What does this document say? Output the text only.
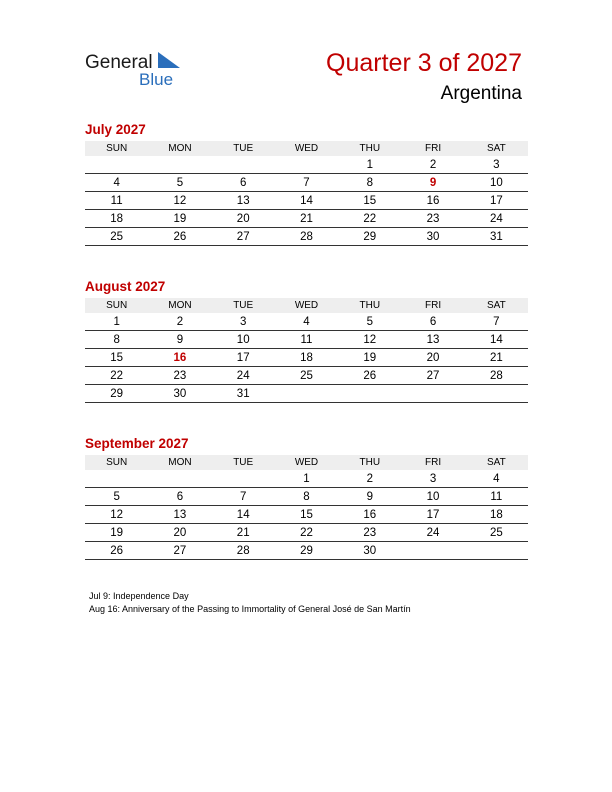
General
Blue
Quarter 3 of 2027
Argentina
July 2027
SUN	MON	TUE	WED	THU	FRI	SAT
				1	2	3
4	5	6	7	8	9	10
11	12	13	14	15	16	17
18	19	20	21	22	23	24
25	26	27	28	29	30	31
August 2027
SUN	MON	TUE	WED	THU	FRI	SAT
1	2	3	4	5	6	7
8	9	10	11	12	13	14
15	16	17	18	19	20	21
22	23	24	25	26	27	28
29	30	31				
September 2027
SUN	MON	TUE	WED	THU	FRI	SAT
			1	2	3	4
5	6	7	8	9	10	11
12	13	14	15	16	17	18
19	20	21	22	23	24	25
26	27	28	29	30		
Jul 9: Independence Day
Aug 16: Anniversary of the Passing to Immortality of General José de San Martín
